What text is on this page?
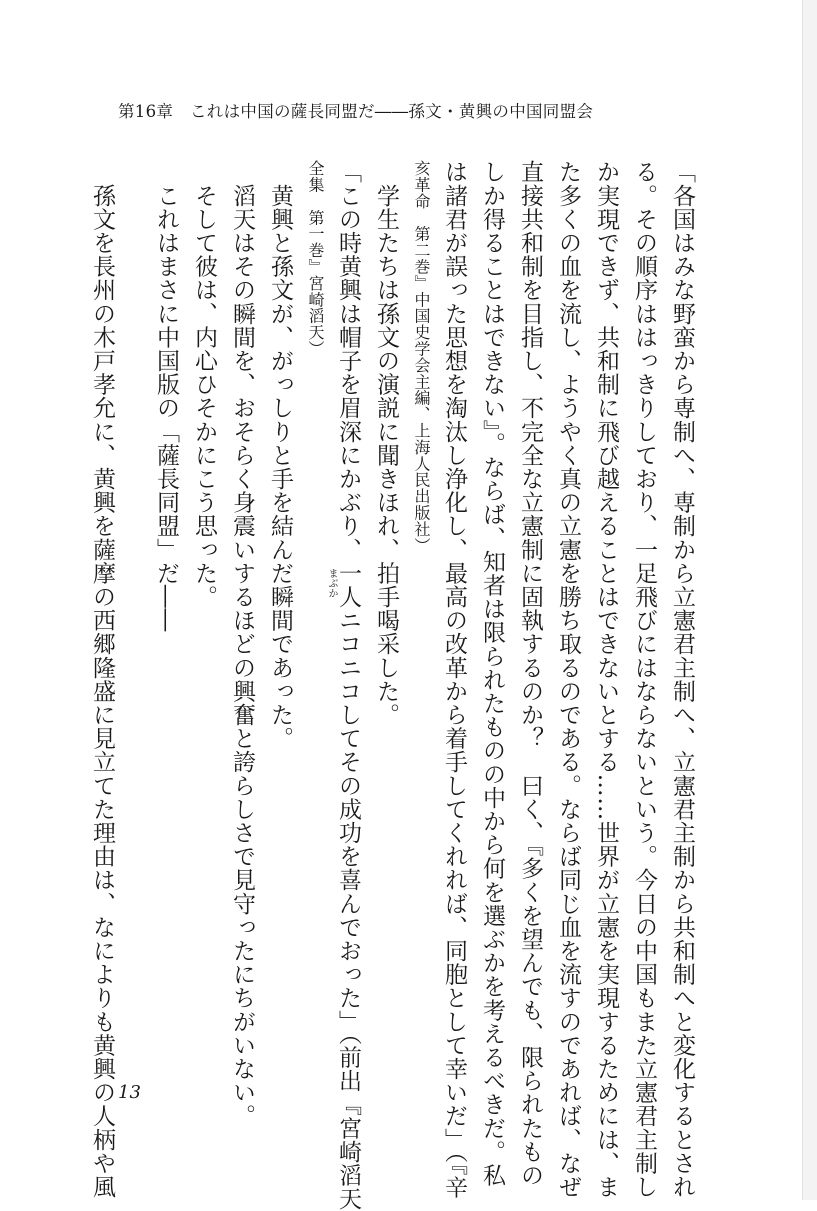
第16章　これは中国の薩長同盟だ――孫文・黄興の中国同盟会
「各国はみな野蛮から専制へ、専制から立憲君主制へ、立憲君主制から共和制へと変化するとされ
る。その順序ははっきりしており、一足飛びにはならないという。今日の中国もまた立憲君主制し
か実現できず、共和制に飛び越えることはできないとする……世界が立憲を実現するためには、ま
た多くの血を流し、ようやく真の立憲を勝ち取るのである。ならば同じ血を流すのであれば、なぜ
直接共和制を目指し、不完全な立憲制に固執するのか？　曰く、『多くを望んでも、限られたもの
しか得ることはできない』。ならば、知者は限られたものの中から何を選ぶかを考えるべきだ。私
は諸君が誤った思想を淘汰し浄化し、最高の改革から着手してくれれば、同胞として幸いだ」（『辛
亥革命　第二巻』中国史学会主編、上海人民出版社）
　学生たちは孫文の演説に聞きほれ、拍手喝采した。
「この時黄興は帽子を眉深にかぶり、一人ニコニコしてその成功を喜んでおった」（前出『宮崎滔天
全集　第一巻』宮崎滔天）
　黄興と孫文が、がっしりと手を結んだ瞬間であった。
　滔天はその瞬間を、おそらく身震いするほどの興奮と誇らしさで見守ったにちがいない。
　そして彼は、内心ひそかにこう思った。
　これはまさに中国版の「薩長同盟」だ――
　孫文を長州の木戸孝允に、黄興を薩摩の西郷隆盛に見立てた理由は、なによりも黄興の人柄や風	まぶか
13
